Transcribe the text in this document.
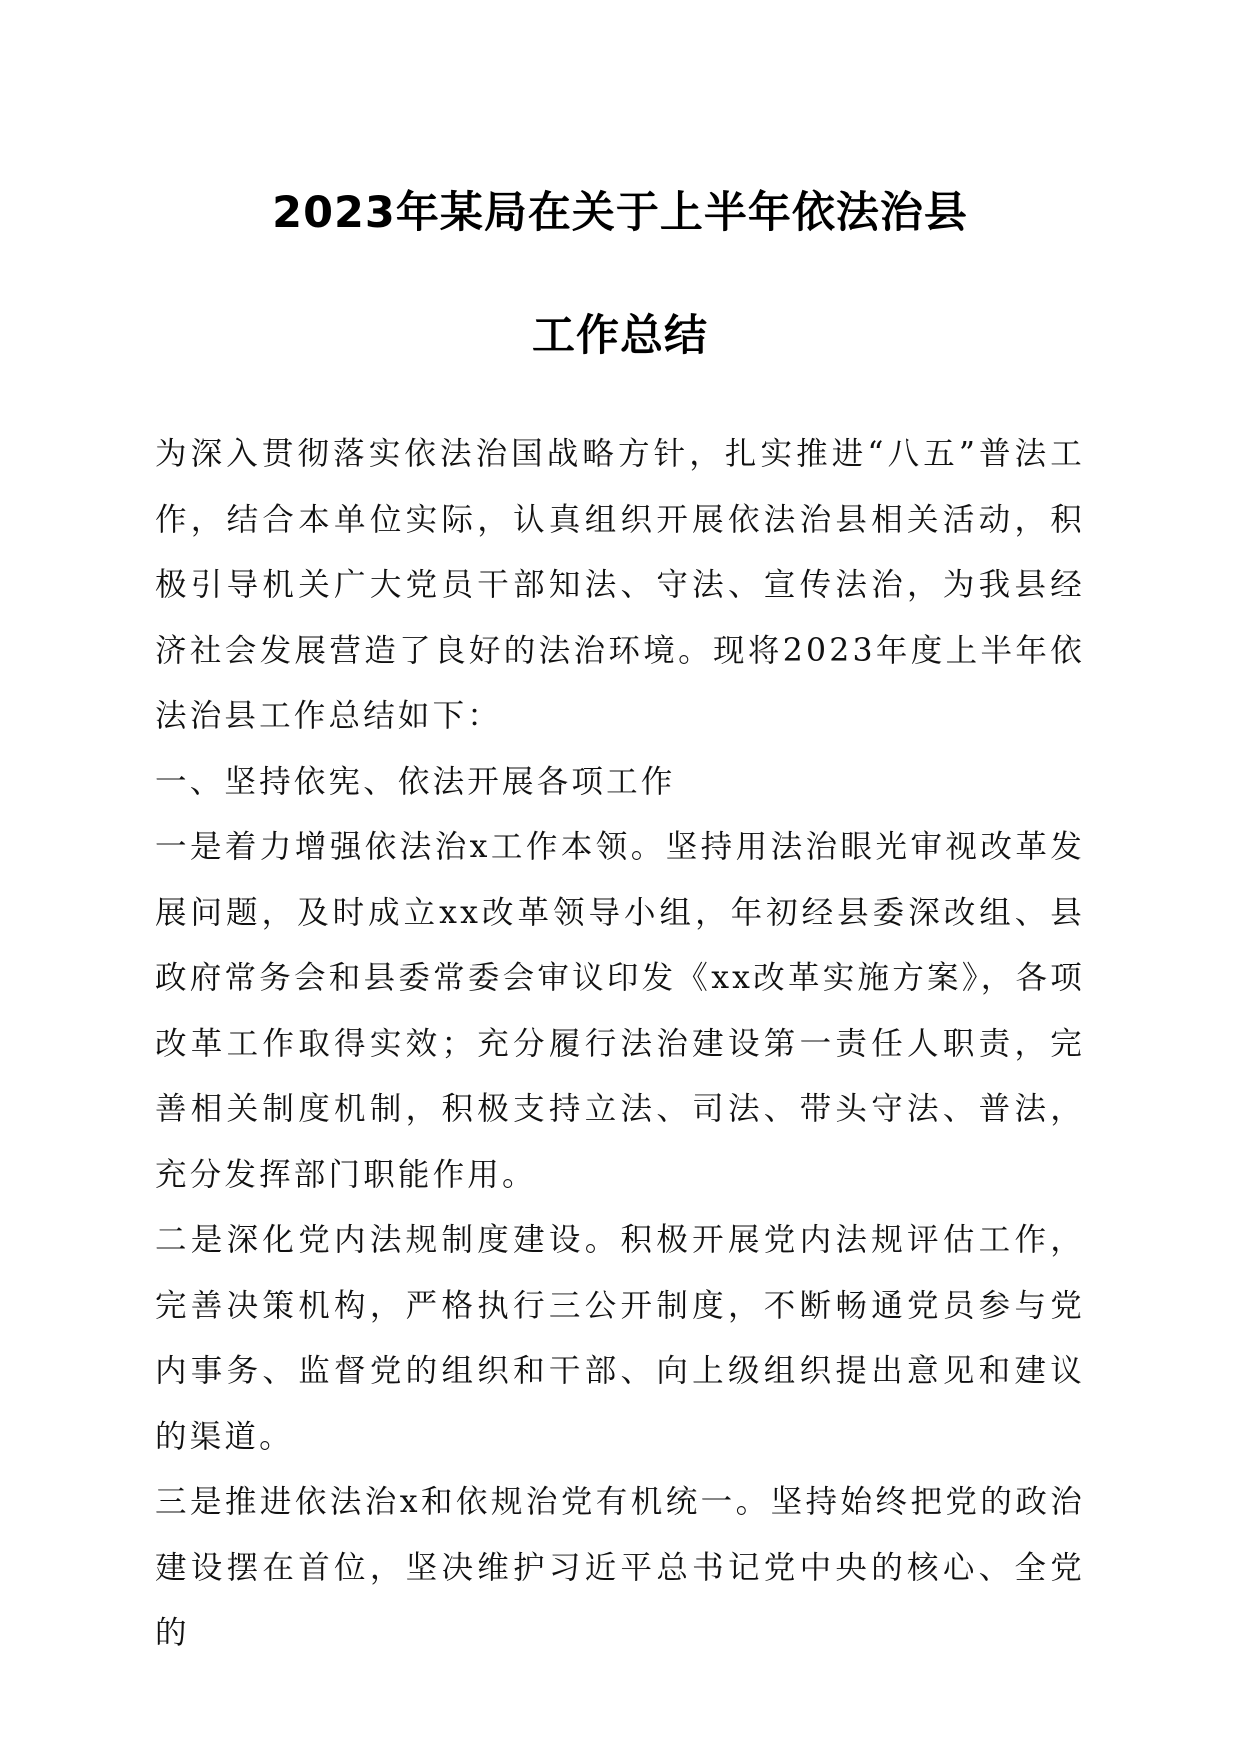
2023年某局在关于上半年依法治县
工作总结

为深入贯彻落实依法治国战略方针，扎实推进“八五”普法工作，结合本单位实际，认真组织开展依法治县相关活动，积极引导机关广大党员干部知法、守法、宣传法治，为我县经济社会发展营造了良好的法治环境。现将2023年度上半年依法治县工作总结如下：

一、坚持依宪、依法开展各项工作

一是着力增强依法治x工作本领。坚持用法治眼光审视改革发展问题，及时成立xx改革领导小组，年初经县委深改组、县政府常务会和县委常委会审议印发《xx改革实施方案》，各项改革工作取得实效；充分履行法治建设第一责任人职责，完善相关制度机制，积极支持立法、司法、带头守法、普法，充分发挥部门职能作用。

二是深化党内法规制度建设。积极开展党内法规评估工作，完善决策机构，严格执行三公开制度，不断畅通党员参与党内事务、监督党的组织和干部、向上级组织提出意见和建议的渠道。

三是推进依法治x和依规治党有机统一。坚持始终把党的政治建设摆在首位，坚决维护习近平总书记党中央的核心、全党的
